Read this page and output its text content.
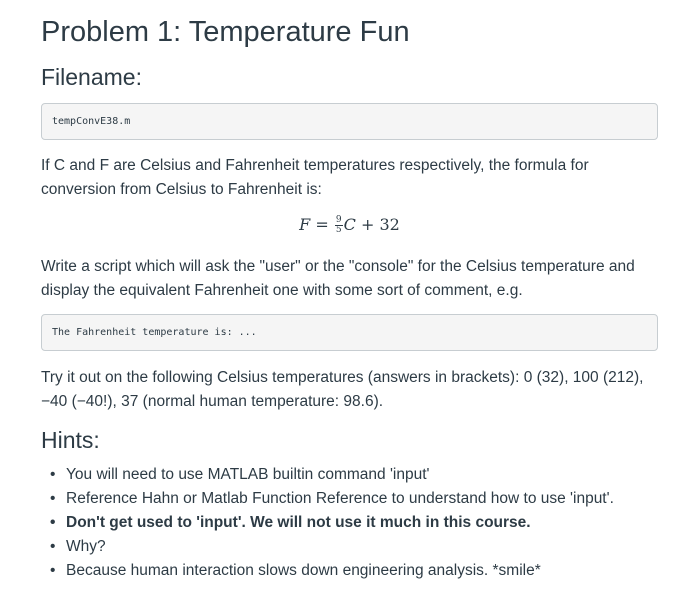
Problem 1: Temperature Fun
Filename:
tempConvE38.m

If C and F are Celsius and Fahrenheit temperatures respectively, the formula for conversion from Celsius to Fahrenheit is:

$F = \frac{9}{5}$ C + 32

Write a script which will ask the "user" or the "console" for the Celsius temperature and display the equivalent Fahrenheit one with some sort of comment, e.g.

The Fahrenheit temperature is: ...

Try it out on the following Celsius temperatures (answers in brackets): 0 (32), 100 (212), −40 (−40!), 37 (normal human temperature: 98.6).

Hints:
• You will need to use MATLAB builtin command 'input'
• Reference Hahn or Matlab Function Reference to understand how to use 'input'.
• Don't get used to 'input'. We will not use it much in this course.
• Why?
• Because human interaction slows down engineering analysis. *smile*
